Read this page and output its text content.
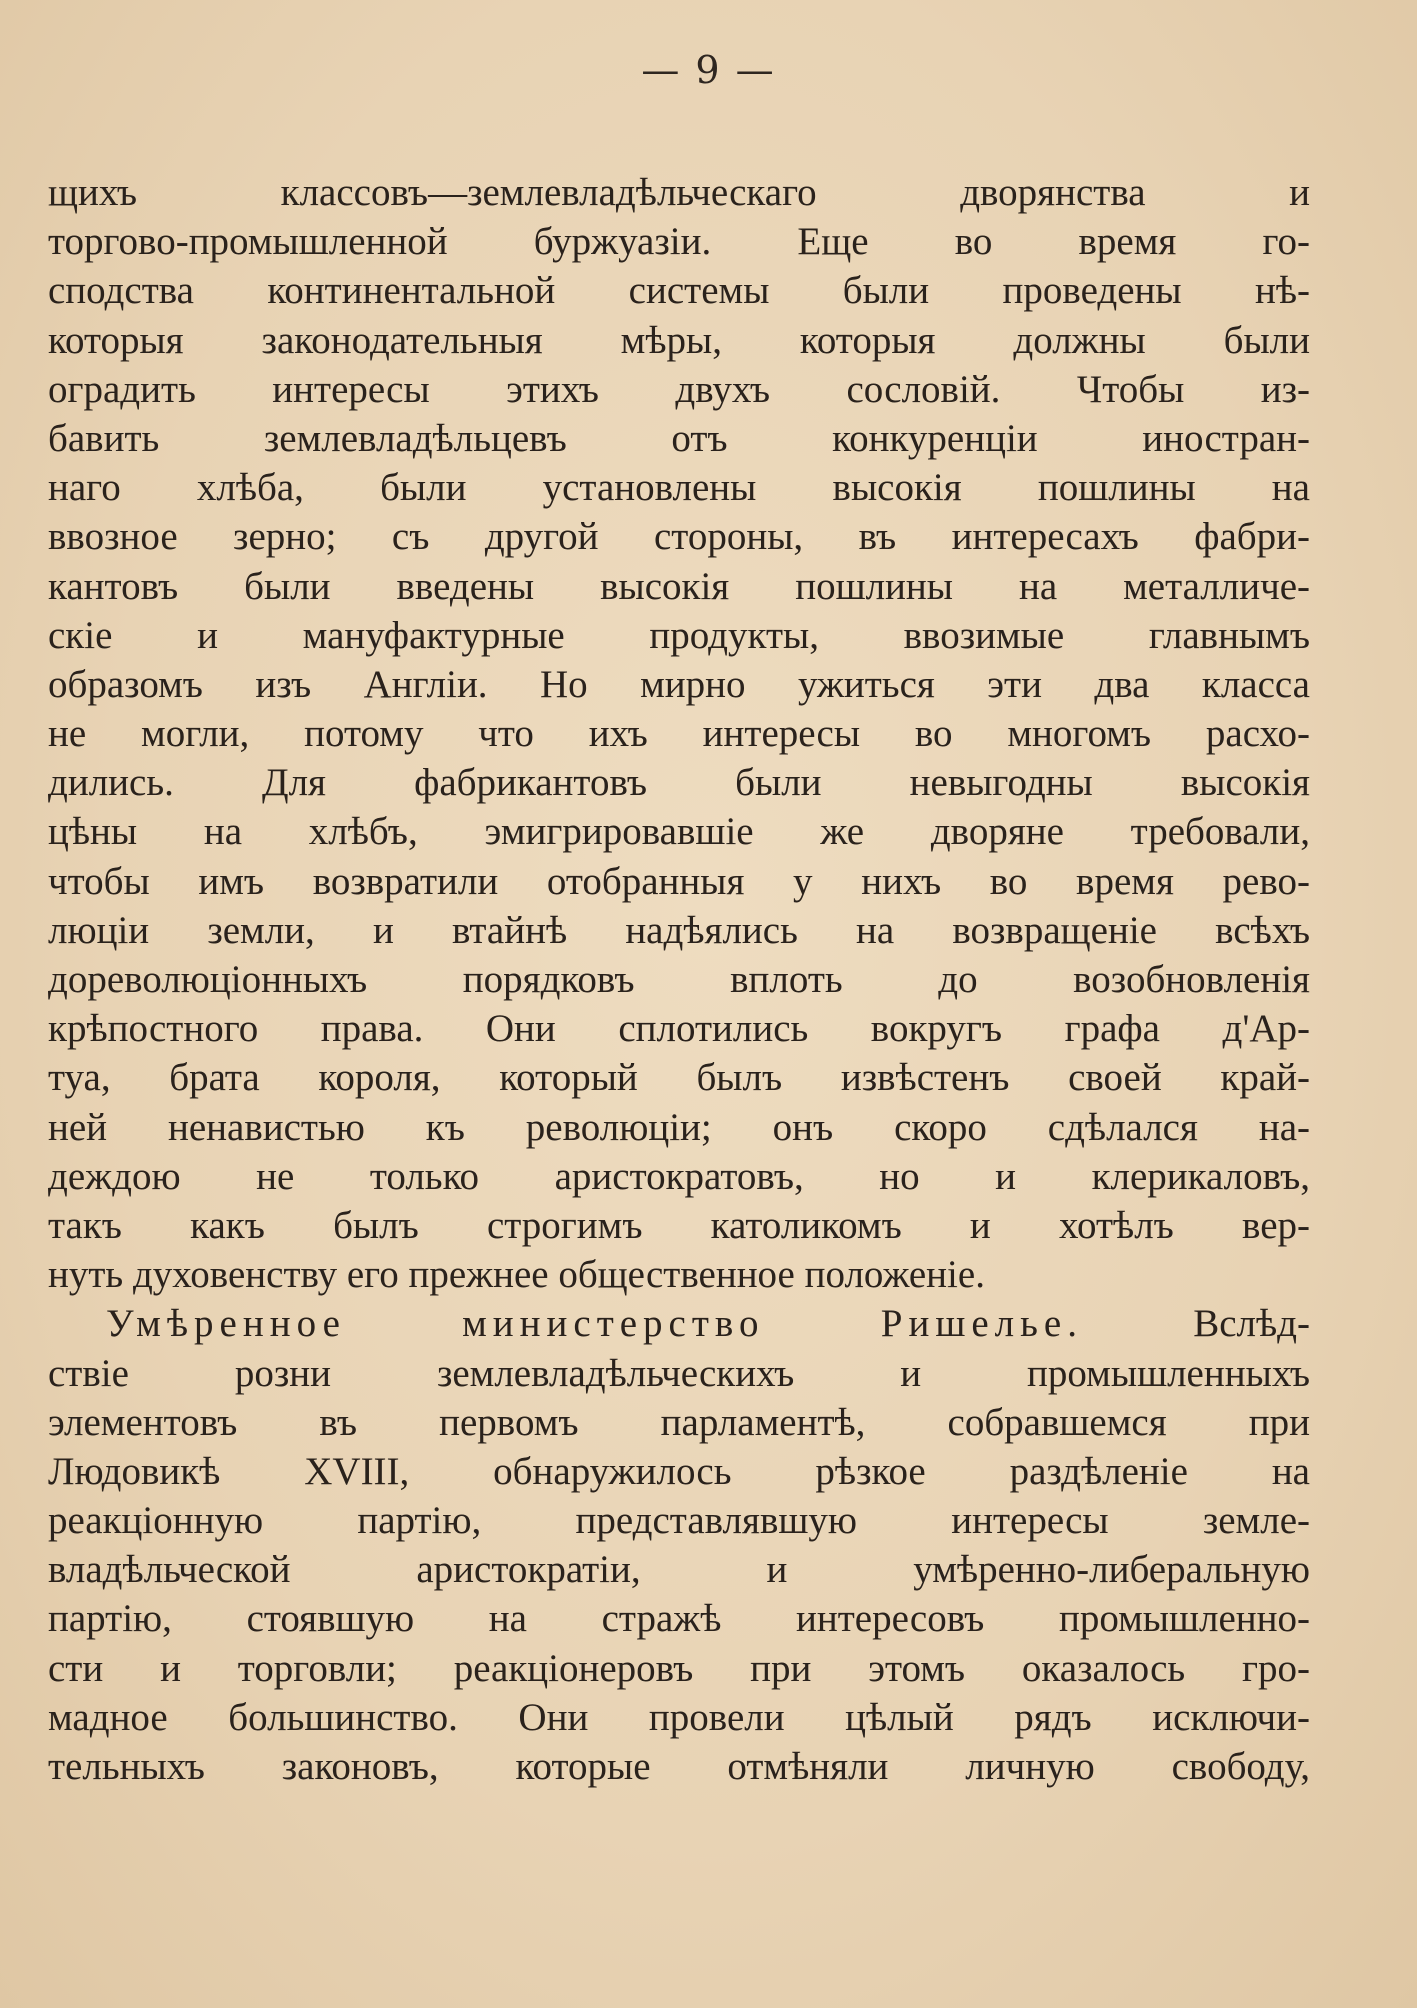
— 9 —
щихъ классовъ—землевладѣльческаго дворянства и
торгово-промышленной буржуазіи. Еще во время го-
сподства континентальной системы были проведены нѣ-
которыя законодательныя мѣры, которыя должны были
оградить интересы этихъ двухъ сословій. Чтобы из-
бавить землевладѣльцевъ отъ конкуренціи иностран-
наго хлѣба, были установлены высокія пошлины на
ввозное зерно; съ другой стороны, въ интересахъ фабри-
кантовъ были введены высокія пошлины на металличе-
скіе и мануфактурные продукты, ввозимые главнымъ
образомъ изъ Англіи. Но мирно ужиться эти два класса
не могли, потому что ихъ интересы во многомъ расхо-
дились. Для фабрикантовъ были невыгодны высокія
цѣны на хлѣбъ, эмигрировавшіе же дворяне требовали,
чтобы имъ возвратили отобранныя у нихъ во время рево-
люціи земли, и втайнѣ надѣялись на возвращеніе всѣхъ
дореволюціонныхъ порядковъ вплоть до возобновленія
крѣпостного права. Они сплотились вокругъ графа д'Ар-
туа, брата короля, который былъ извѣстенъ своей край-
ней ненавистью къ революціи; онъ скоро сдѣлался на-
деждою не только аристократовъ, но и клерикаловъ,
такъ какъ былъ строгимъ католикомъ и хотѣлъ вер-
нуть духовенству его прежнее общественное положеніе.
Умѣренное министерство Ришелье. Вслѣд-
ствіе розни землевладѣльческихъ и промышленныхъ
элементовъ въ первомъ парламентѣ, собравшемся при
Людовикѣ XVIII, обнаружилось рѣзкое раздѣленіе на
реакціонную партію, представлявшую интересы земле-
владѣльческой аристократіи, и умѣренно-либеральную
партію, стоявшую на стражѣ интересовъ промышленно-
сти и торговли; реакціонеровъ при этомъ оказалось гро-
мадное большинство. Они провели цѣлый рядъ исключи-
тельныхъ законовъ, которые отмѣняли личную свободу,
